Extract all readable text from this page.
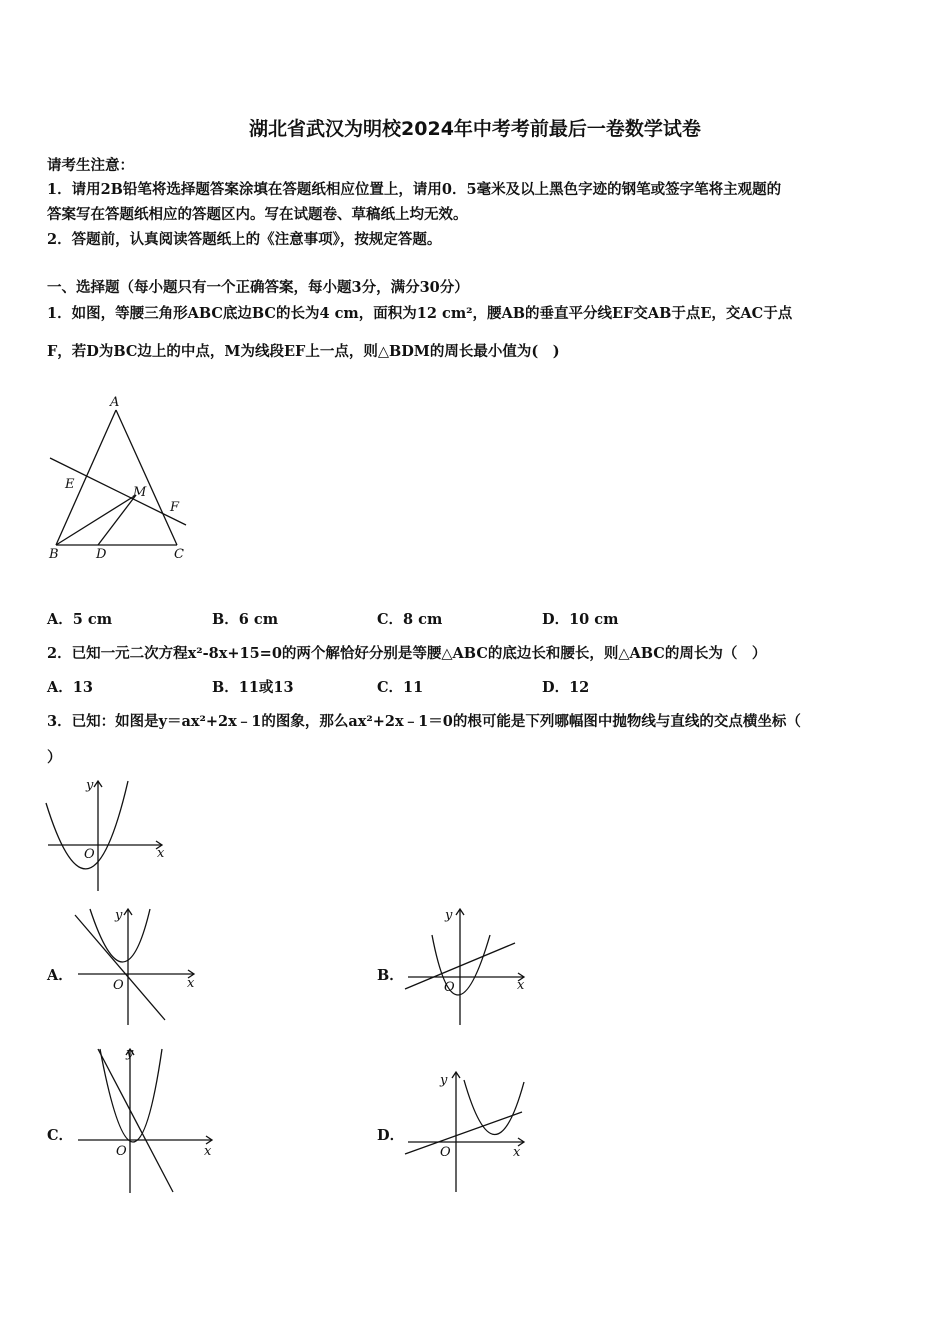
湖北省武汉为明校2024年中考考前最后一卷数学试卷
请考生注意：
1．请用2B铅笔将选择题答案涂填在答题纸相应位置上，请用0．5毫米及以上黑色字迹的钢笔或签字笔将主观题的
答案写在答题纸相应的答题区内。写在试题卷、草稿纸上均无效。
2．答题前，认真阅读答题纸上的《注意事项》，按规定答题。
一、选择题（每小题只有一个正确答案，每小题3分，满分30分）
1．如图，等腰三角形ABC底边BC的长为4 cm，面积为12 cm²，腰AB的垂直平分线EF交AB于点E，交AC于点
F，若D为BC边上的中点，M为线段EF上一点，则△BDM的周长最小值为(　)
A
E
M
F
B	D	C
A．5 cm	B．6 cm	C．8 cm	D．10 cm
2．已知一元二次方程x²-8x+15=0的两个解恰好分别是等腰△ABC的底边长和腰长，则△ABC的周长为（　）
A．13	B．11或13	C．11	D．12
3．已知：如图是y＝ax²+2x﹣1的图象，那么ax²+2x﹣1＝0的根可能是下列哪幅图中抛物线与直线的交点横坐标（
）
O	x
y
A．
O	x
y
B．
O	x
y
C．
O	x
y
D．
O	x
y
